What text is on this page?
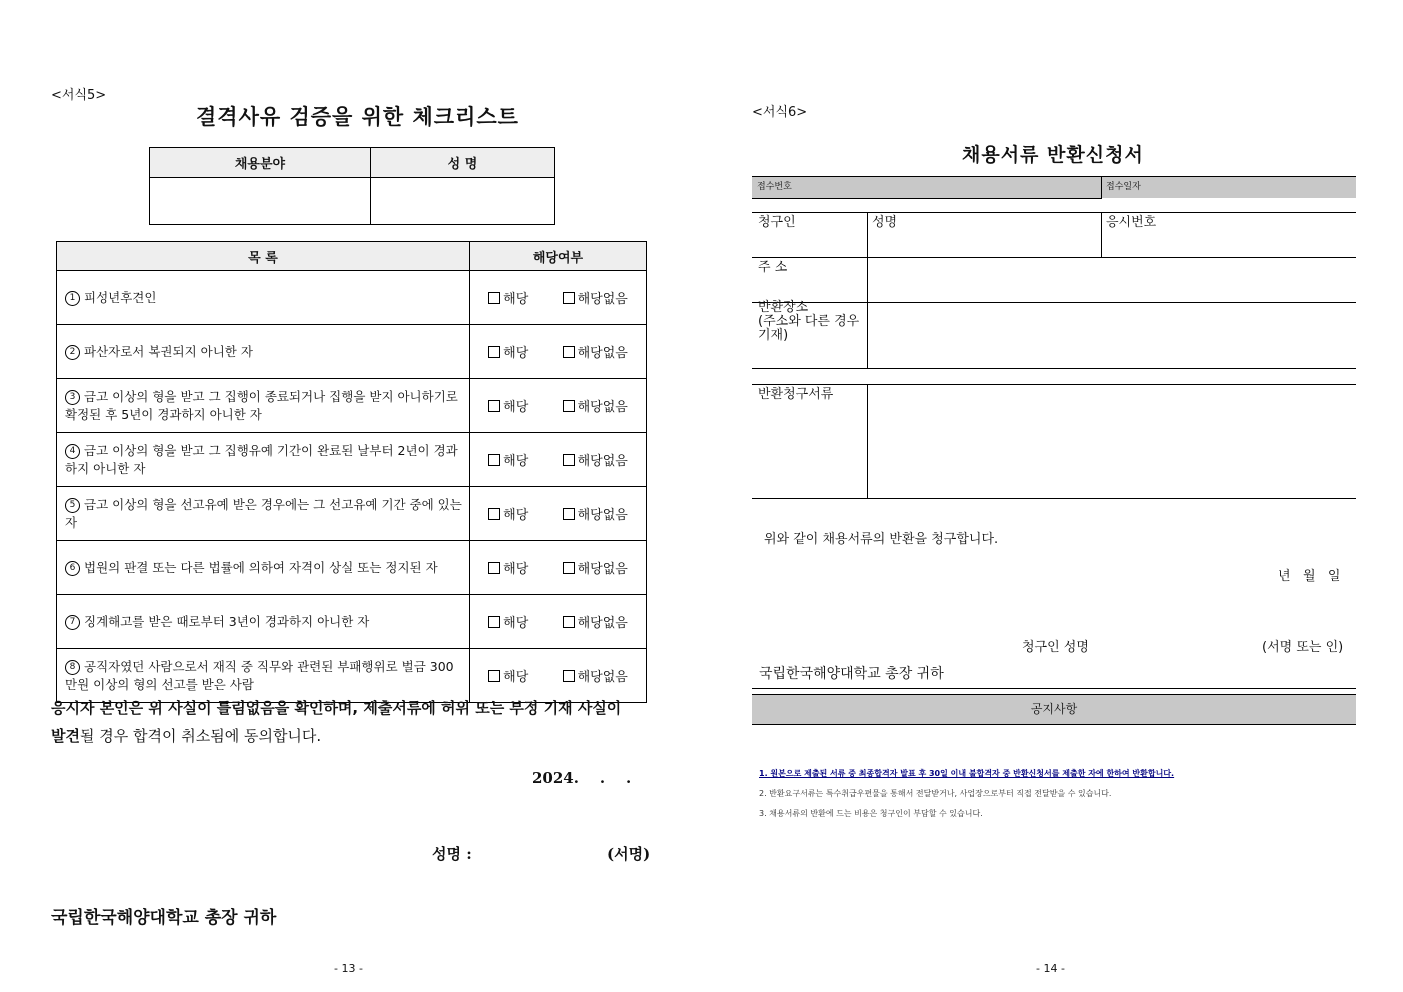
<서식5>
결격사유 검증을 위한 체크리스트
채용분야	성 명

목 록	해당여부
1 피성년후견인	해당 해당없음

2 파산자로서 복권되지 아니한 자	해당 해당없음

3 금고 이상의 형을 받고 그 집행이 종료되거나 집행을 받지 아니하기로 확정된 후 5년이 경과하지 아니한 자	해당 해당없음

4 금고 이상의 형을 받고 그 집행유예 기간이 완료된 날부터 2년이 경과하지 아니한 자	해당 해당없음

5 금고 이상의 형을 선고유예 받은 경우에는 그 선고유예 기간 중에 있는 자	해당 해당없음

6 법원의 판결 또는 다른 법률에 의하여 자격이 상실 또는 정지된 자	해당 해당없음

7 징계해고를 받은 때로부터 3년이 경과하지 아니한 자	해당 해당없음

8 공직자였던 사람으로서 재직 중 직무와 관련된 부패행위로 벌금 300만원 이상의 형의 선고를 받은 사람	해당 해당없음
응시자 본인은 위 사실이 틀림없음을 확인하며, 제출서류에 허위 또는 부정 기재 사실이
발견될 경우 합격이 취소됨에 동의합니다.
2024.    .    .
성명 :	(서명)
국립한국해양대학교 총장 귀하
- 13 -
<서식6>
채용서류 반환신청서
접수번호	접수일자
청구인	성명	응시번호
주 소
반환장소
(주소와 다른 경우
기재)
반환청구서류
위와 같이 채용서류의 반환을 청구합니다.
년   월   일
청구인 성명	(서명 또는 인)
국립한국해양대학교 총장 귀하
공지사항
1. 원본으로 제출된 서류 중 최종합격자 발표 후 30일 이내 불합격자 중 반환신청서를 제출한 자에 한하여 반환합니다.
2. 반환요구서류는 특수취급우편물을 통해서 전달받거나, 사업장으로부터 직접 전달받을 수 있습니다.
3. 채용서류의 반환에 드는 비용은 청구인이 부담할 수 있습니다.
- 14 -
